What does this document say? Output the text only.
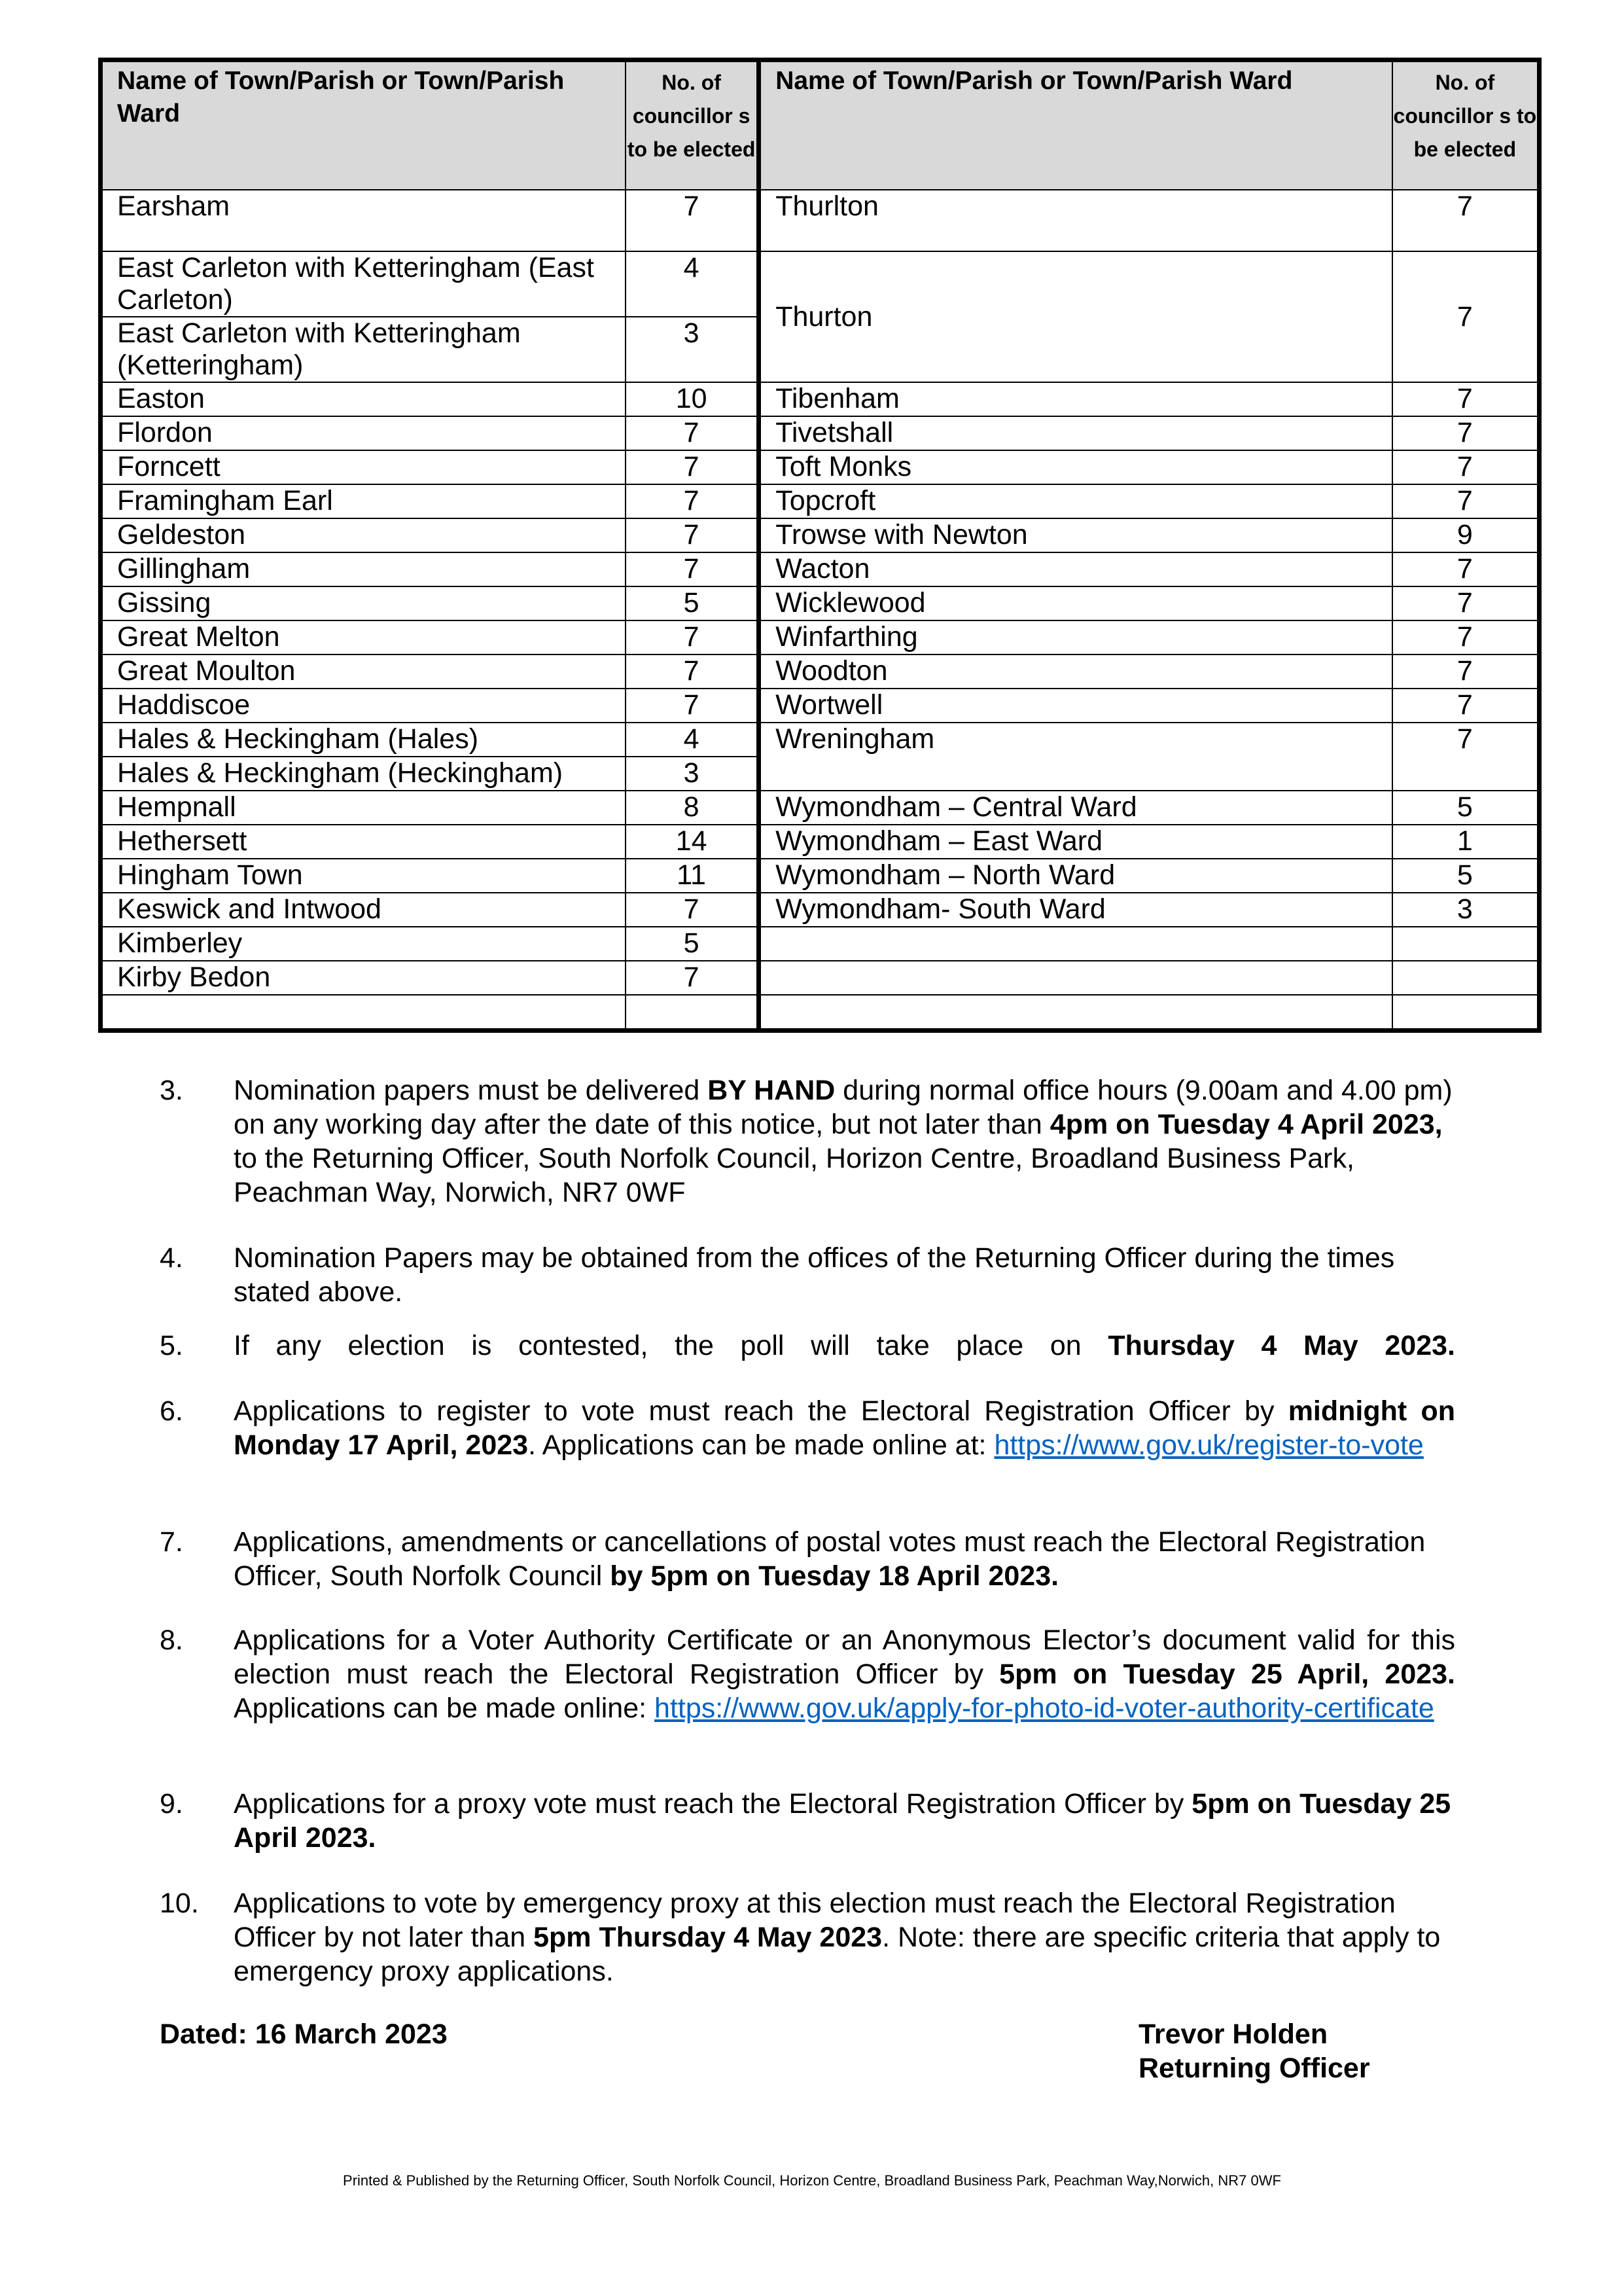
Name of Town/Parish or Town/Parish Ward	No. of councillor s to be elected	Name of Town/Parish or Town/Parish Ward	No. of councillor s to be elected
Earsham	7	Thurlton	7
East Carleton with Ketteringham (East Carleton)	4	Thurton	7
East Carleton with Ketteringham (Ketteringham)	3		
Easton	10	Tibenham	7
Flordon	7	Tivetshall	7
Forncett	7	Toft Monks	7
Framingham Earl	7	Topcroft	7
Geldeston	7	Trowse with Newton	9
Gillingham	7	Wacton	7
Gissing	5	Wicklewood	7
Great Melton	7	Winfarthing	7
Great Moulton	7	Woodton	7
Haddiscoe	7	Wortwell	7
Hales & Heckingham (Hales)	4	Wreningham	7
Hales & Heckingham (Heckingham)	3		
Hempnall	8	Wymondham – Central Ward	5
Hethersett	14	Wymondham – East Ward	1
Hingham Town	11	Wymondham – North Ward	5
Keswick and Intwood	7	Wymondham- South Ward	3
Kimberley	5		
Kirby Bedon	7		

3.	Nomination papers must be delivered BY HAND during normal office hours (9.00am and 4.00 pm) on any working day after the date of this notice, but not later than 4pm on Tuesday 4 April 2023, to the Returning Officer, South Norfolk Council, Horizon Centre, Broadland Business Park, Peachman Way, Norwich, NR7 0WF
4.	Nomination Papers may be obtained from the offices of the Returning Officer during the times stated above.
5.	If any election is contested, the poll will take place on Thursday 4 May 2023.
6.	Applications to register to vote must reach the Electoral Registration Officer by midnight on Monday 17 April, 2023. Applications can be made online at: https://www.gov.uk/register-to-vote
7.	Applications, amendments or cancellations of postal votes must reach the Electoral Registration Officer, South Norfolk Council by 5pm on Tuesday 18 April 2023.
8.	Applications for a Voter Authority Certificate or an Anonymous Elector’s document valid for this election must reach the Electoral Registration Officer by 5pm on Tuesday 25 April, 2023. Applications can be made online: https://www.gov.uk/apply-for-photo-id-voter-authority-certificate
9.	Applications for a proxy vote must reach the Electoral Registration Officer by 5pm on Tuesday 25 April 2023.
10.	Applications to vote by emergency proxy at this election must reach the Electoral Registration Officer by not later than 5pm Thursday 4 May 2023. Note: there are specific criteria that apply to emergency proxy applications.
Dated: 16 March 2023	Trevor Holden
Returning Officer
Printed & Published by the Returning Officer, South Norfolk Council, Horizon Centre, Broadland Business Park, Peachman Way,Norwich, NR7 0WF
